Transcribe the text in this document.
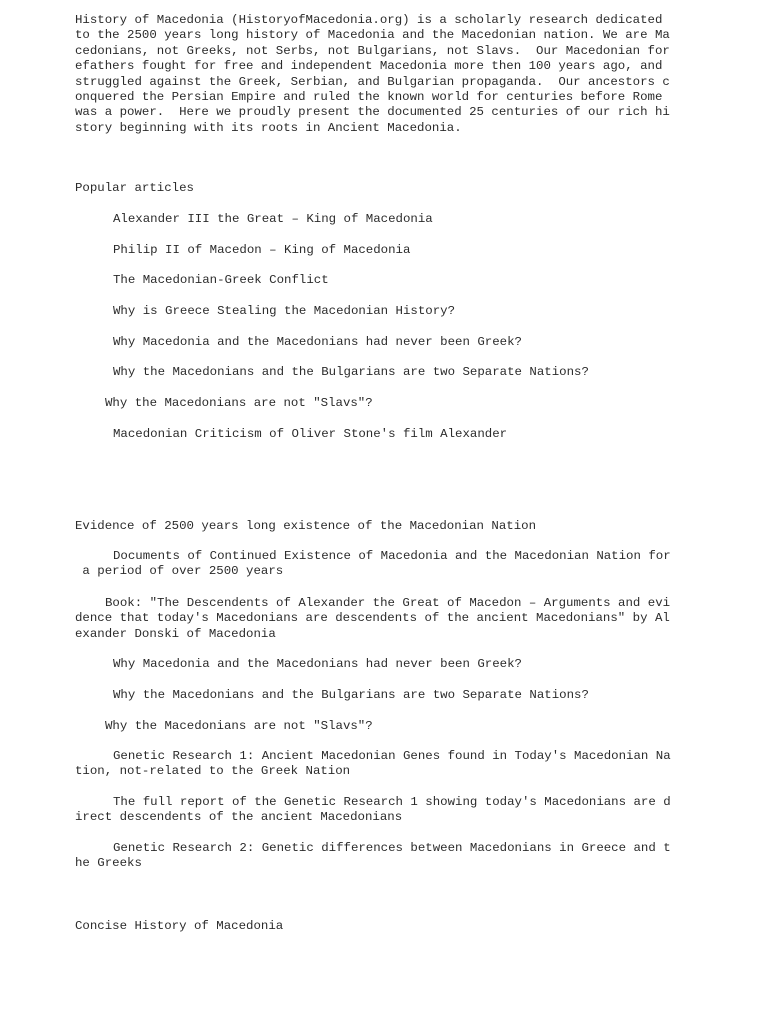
History of Macedonia (HistoryofMacedonia.org) is a scholarly research dedicated
to the 2500 years long history of Macedonia and the Macedonian nation. We are Ma
cedonians, not Greeks, not Serbs, not Bulgarians, not Slavs.  Our Macedonian for
efathers fought for free and independent Macedonia more then 100 years ago, and
struggled against the Greek, Serbian, and Bulgarian propaganda.  Our ancestors c
onquered the Persian Empire and ruled the known world for centuries before Rome
was a power.  Here we proudly present the documented 25 centuries of our rich hi
story beginning with its roots in Ancient Macedonia.
Popular articles
Alexander III the Great – King of Macedonia
Philip II of Macedon – King of Macedonia
The Macedonian-Greek Conflict
Why is Greece Stealing the Macedonian History?
Why Macedonia and the Macedonians had never been Greek?
Why the Macedonians and the Bulgarians are two Separate Nations?
Why the Macedonians are not "Slavs"?
Macedonian Criticism of Oliver Stone's film Alexander
Evidence of 2500 years long existence of the Macedonian Nation
Documents of Continued Existence of Macedonia and the Macedonian Nation for
a period of over 2500 years
Book: "The Descendents of Alexander the Great of Macedon – Arguments and evi
dence that today's Macedonians are descendents of the ancient Macedonians" by Al
exander Donski of Macedonia
Why Macedonia and the Macedonians had never been Greek?
Why the Macedonians and the Bulgarians are two Separate Nations?
Why the Macedonians are not "Slavs"?
Genetic Research 1: Ancient Macedonian Genes found in Today's Macedonian Na
tion, not-related to the Greek Nation
The full report of the Genetic Research 1 showing today's Macedonians are d
irect descendents of the ancient Macedonians
Genetic Research 2: Genetic differences between Macedonians in Greece and t
he Greeks
Concise History of Macedonia
